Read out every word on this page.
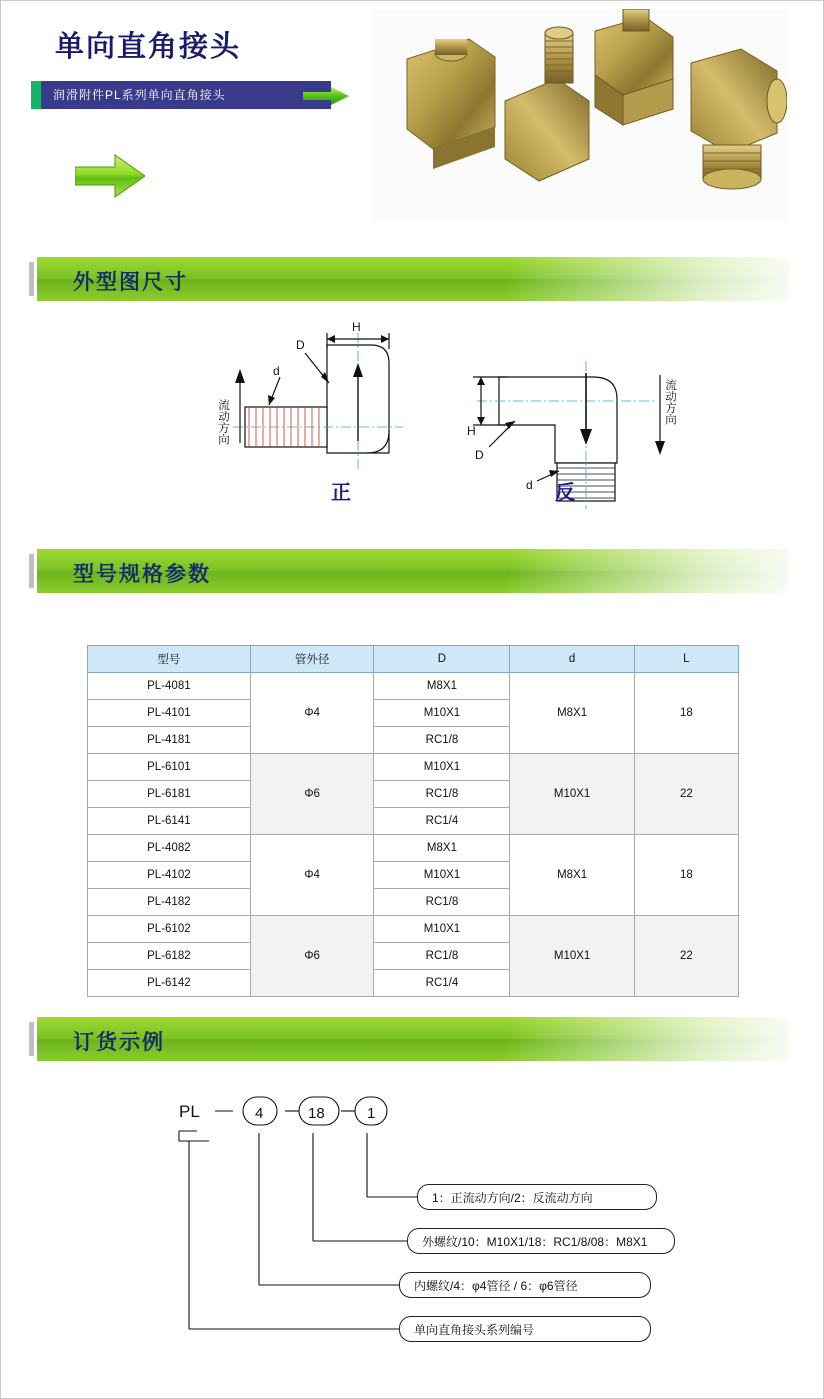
单向直角接头
润滑附件PL系列单向直角接头
外型图尺寸
D
H
d
流动方向
正
H
D
d
流动方向
反
型号规格参数
型号	管外径	D	d	L
PL-4081	Φ4	M8X1	M8X1	18
PL-4101		M10X1		
PL-4181		RC1/8		
PL-6101	Φ6	M10X1	M10X1	22
PL-6181		RC1/8		
PL-6141		RC1/4		
PL-4082	Φ4	M8X1	M8X1	18
PL-4102		M10X1		
PL-4182		RC1/8		
PL-6102	Φ6	M10X1	M10X1	22
PL-6182		RC1/8		
PL-6142		RC1/4		
订货示例
PL	4	18	1
1：正流动方向/2：反流动方向
外螺纹/10：M10X1/18：RC1/8/08：M8X1
内螺纹/4：φ4管径 / 6：φ6管径
单向直角接头系列编号
